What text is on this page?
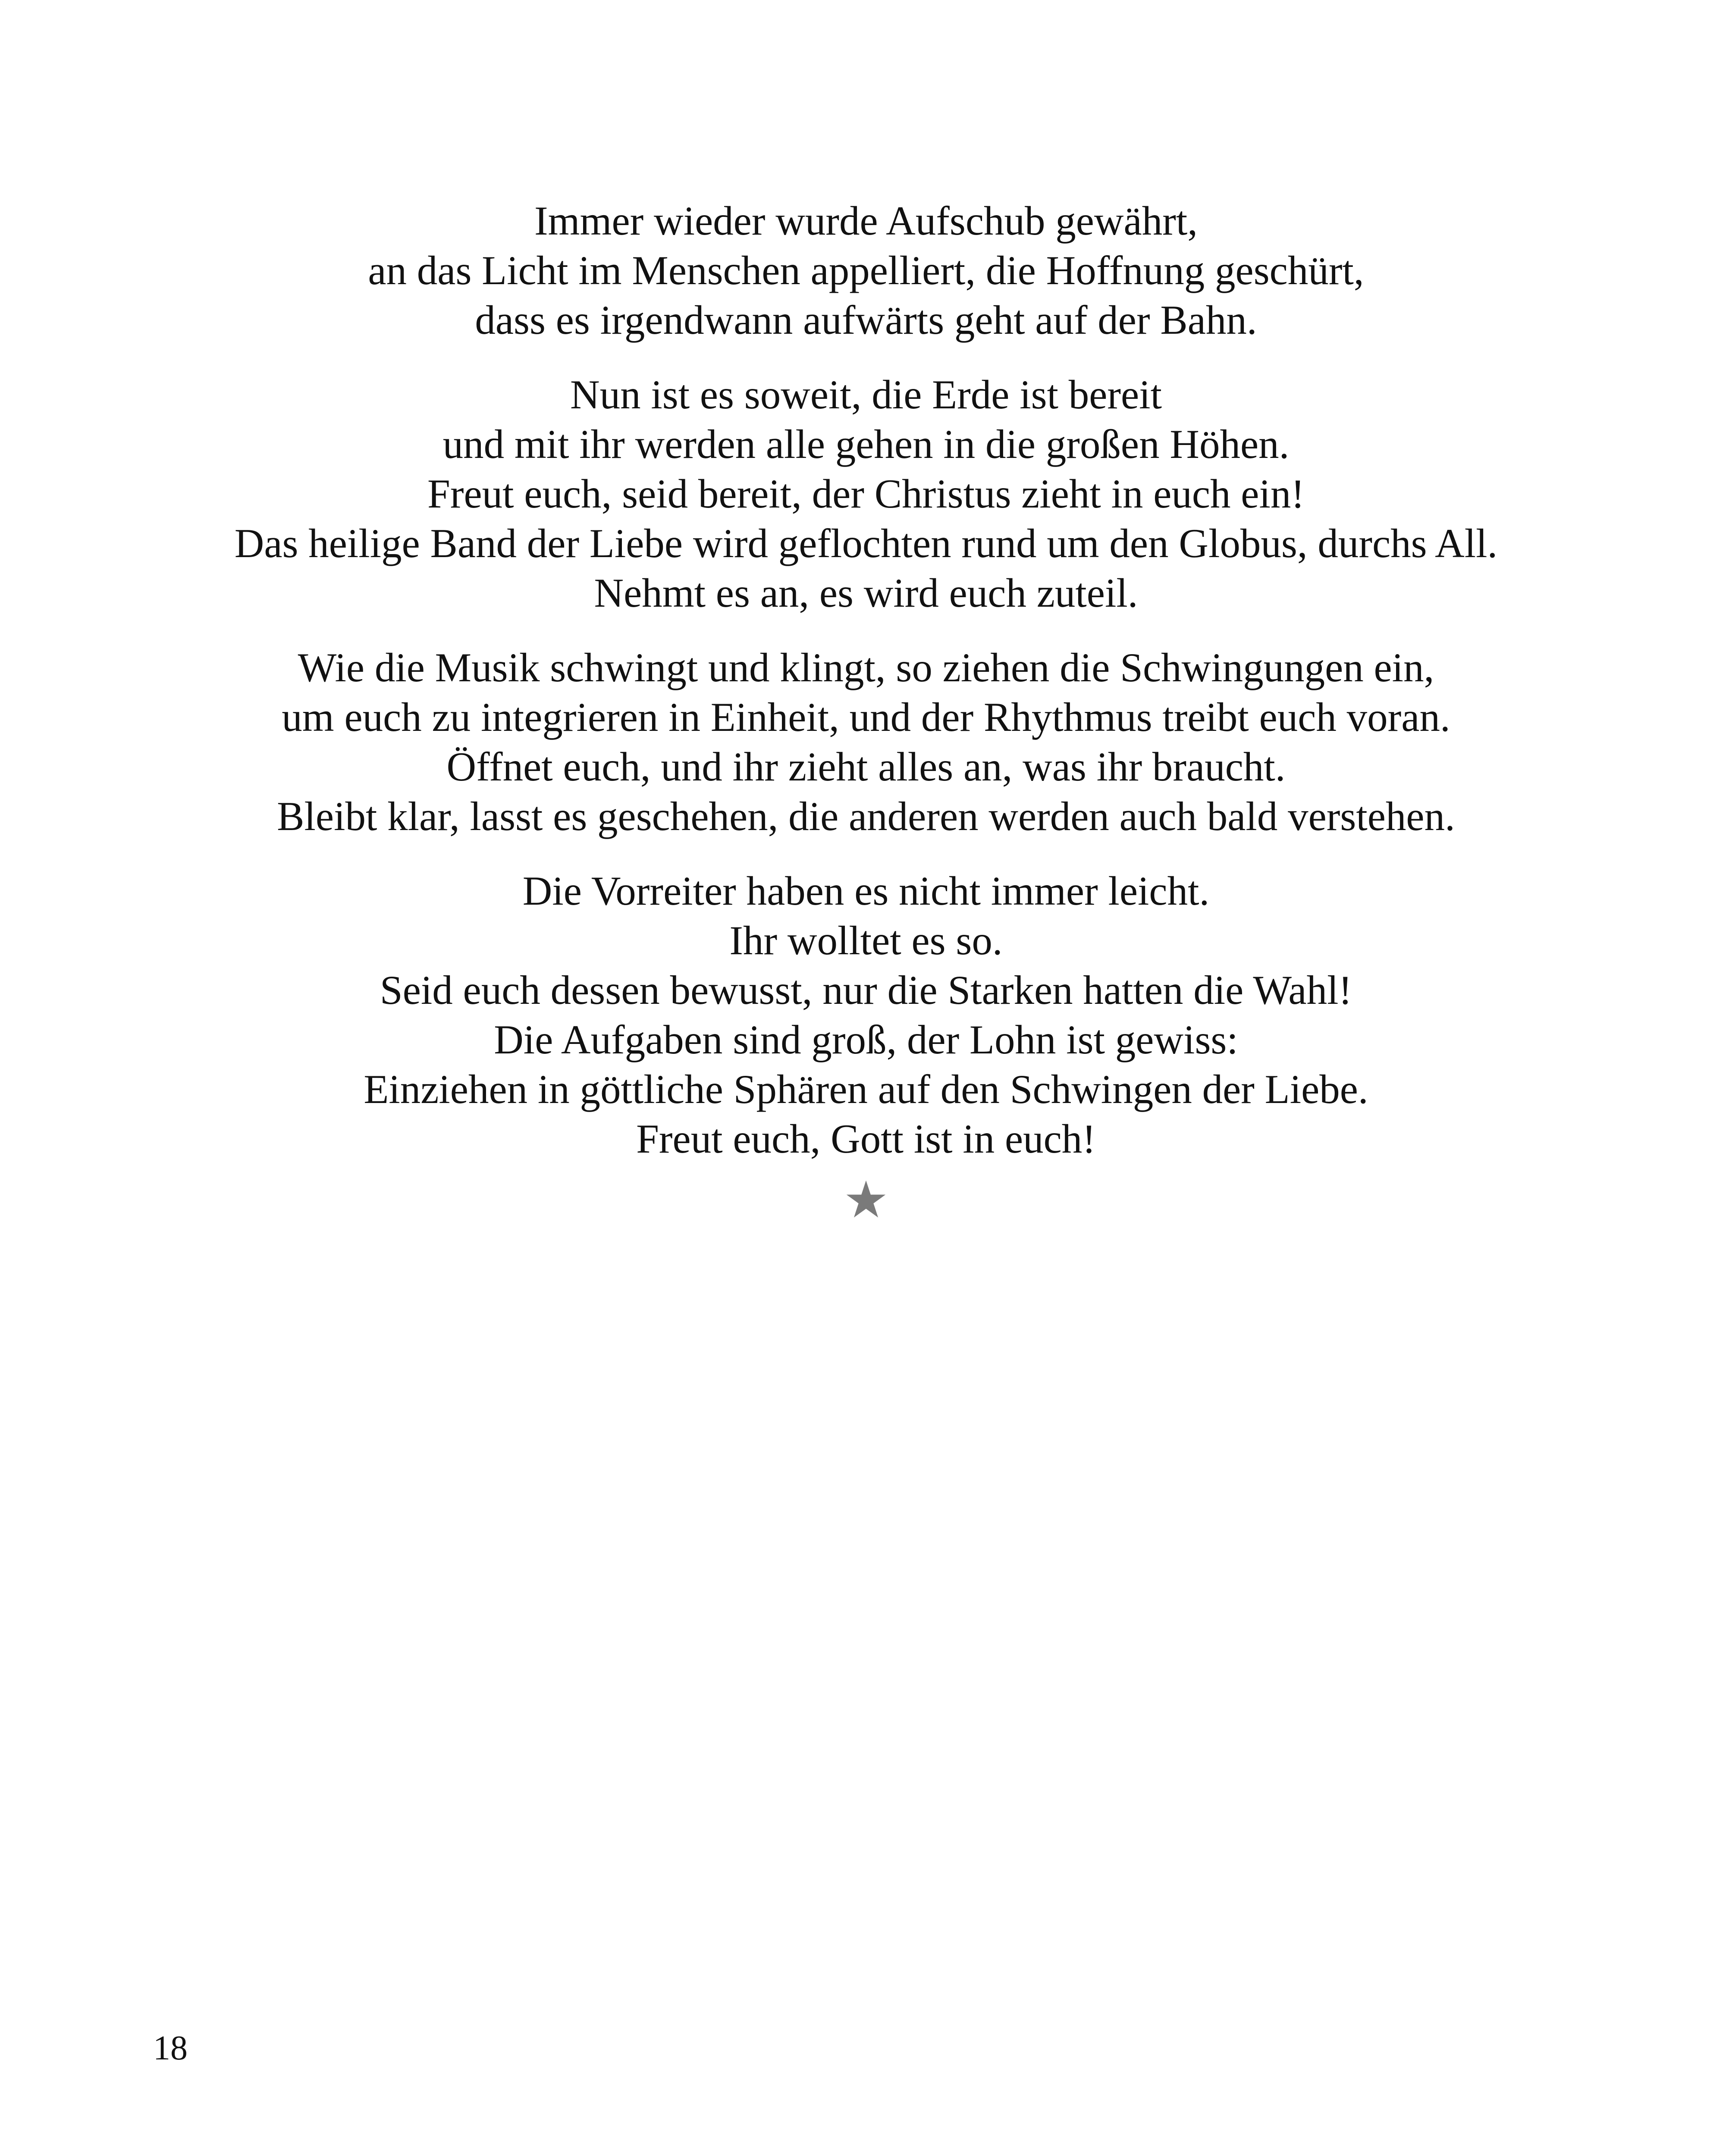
Immer wieder wurde Aufschub gewährt,
an das Licht im Menschen appelliert, die Hoffnung geschürt,
dass es irgendwann aufwärts geht auf der Bahn.
Nun ist es soweit, die Erde ist bereit
und mit ihr werden alle gehen in die großen Höhen.
Freut euch, seid bereit, der Christus zieht in euch ein!
Das heilige Band der Liebe wird geflochten rund um den Globus, durchs All.
Nehmt es an, es wird euch zuteil.
Wie die Musik schwingt und klingt, so ziehen die Schwingungen ein,
um euch zu integrieren in Einheit, und der Rhythmus treibt euch voran.
Öffnet euch, und ihr zieht alles an, was ihr braucht.
Bleibt klar, lasst es geschehen, die anderen werden auch bald verstehen.
Die Vorreiter haben es nicht immer leicht.
Ihr wolltet es so.
Seid euch dessen bewusst, nur die Starken hatten die Wahl!
Die Aufgaben sind groß, der Lohn ist gewiss:
Einziehen in göttliche Sphären auf den Schwingen der Liebe.
Freut euch, Gott ist in euch!
★
18
